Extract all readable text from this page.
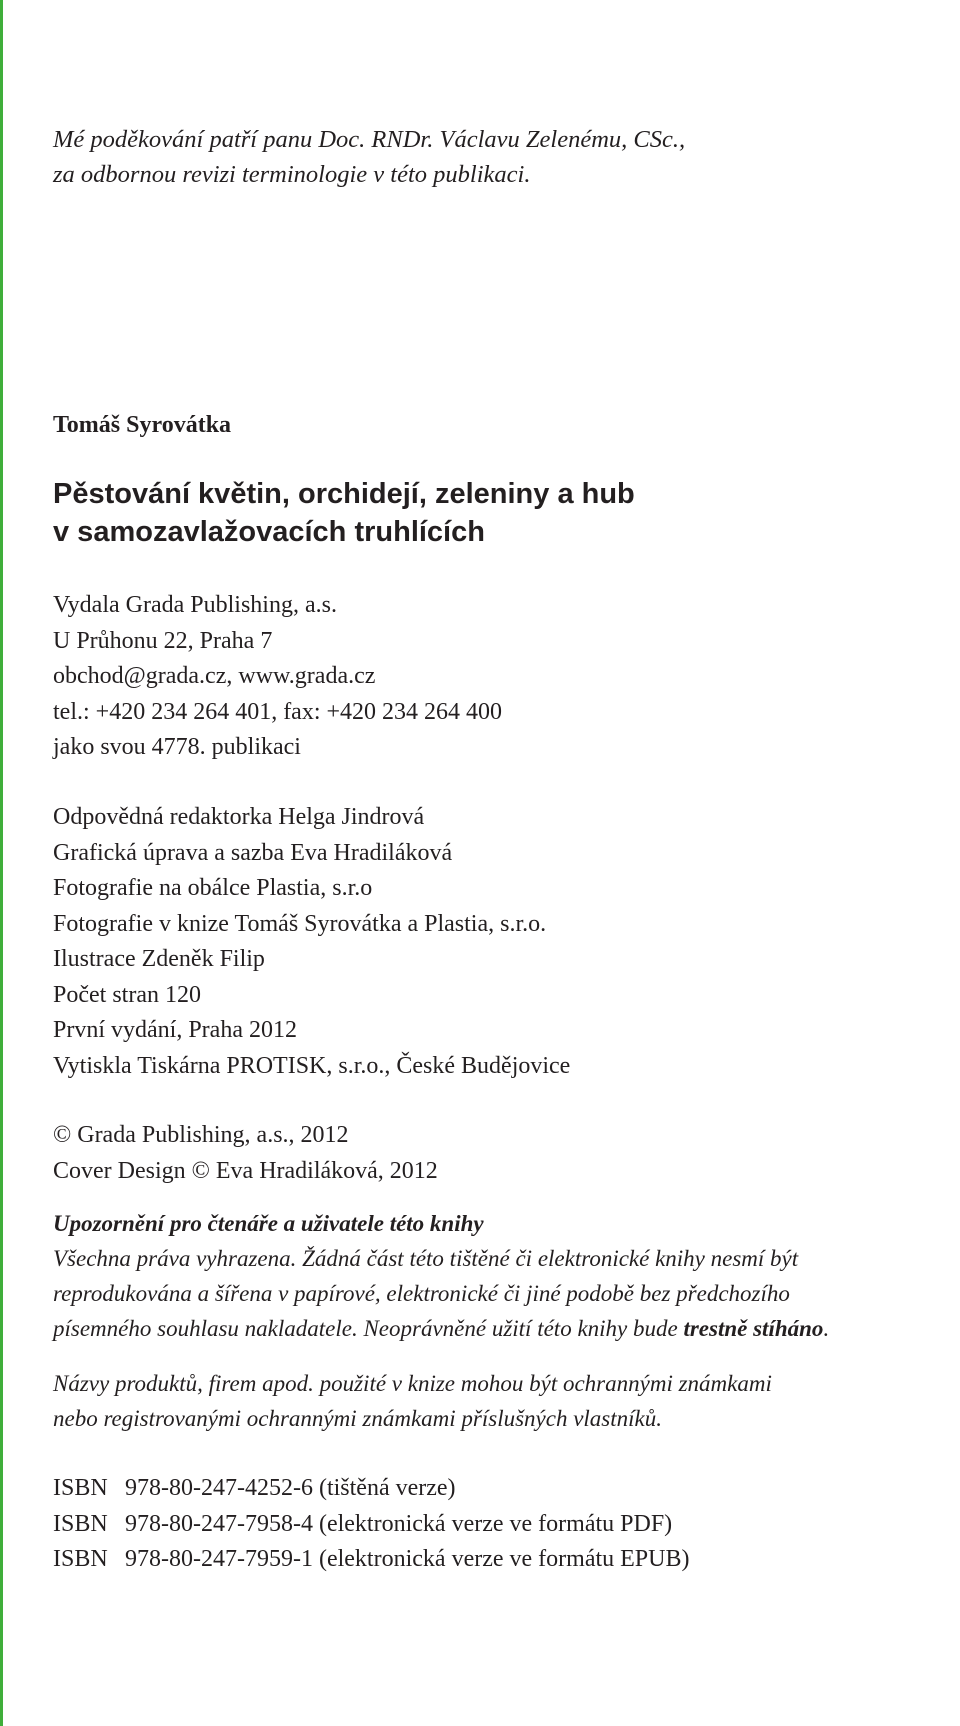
Mé poděkování patří panu Doc. RNDr. Václavu Zelenému, CSc.,
za odbornou revizi terminologie v této publikaci.
Tomáš Syrovátka
Pěstování květin, orchidejí, zeleniny a hub
v samozavlažovacích truhlících
Vydala Grada Publishing, a.s.
U Průhonu 22, Praha 7
obchod@grada.cz, www.grada.cz
tel.: +420 234 264 401, fax: +420 234 264 400
jako svou 4778. publikaci
Odpovědná redaktorka Helga Jindrová
Grafická úprava a sazba Eva Hradiláková
Fotografie na obálce Plastia, s.r.o
Fotografie v knize Tomáš Syrovátka a Plastia, s.r.o.
Ilustrace Zdeněk Filip
Počet stran 120
První vydání, Praha 2012
Vytiskla Tiskárna PROTISK, s.r.o., České Budějovice
© Grada Publishing, a.s., 2012
Cover Design © Eva Hradiláková, 2012
Upozornění pro čtenáře a uživatele této knihy
Všechna práva vyhrazena. Žádná část této tištěné či elektronické knihy nesmí být
reprodukována a šířena v papírové, elektronické či jiné podobě bez předchozího
písemného souhlasu nakladatele. Neoprávněné užití této knihy bude trestně stíháno.
Názvy produktů, firem apod. použité v knize mohou být ochrannými známkami
nebo registrovanými ochrannými známkami příslušných vlastníků.
ISBN 978-80-247-4252-6 (tištěná verze)
ISBN 978-80-247-7958-4 (elektronická verze ve formátu PDF)
ISBN 978-80-247-7959-1 (elektronická verze ve formátu EPUB)
